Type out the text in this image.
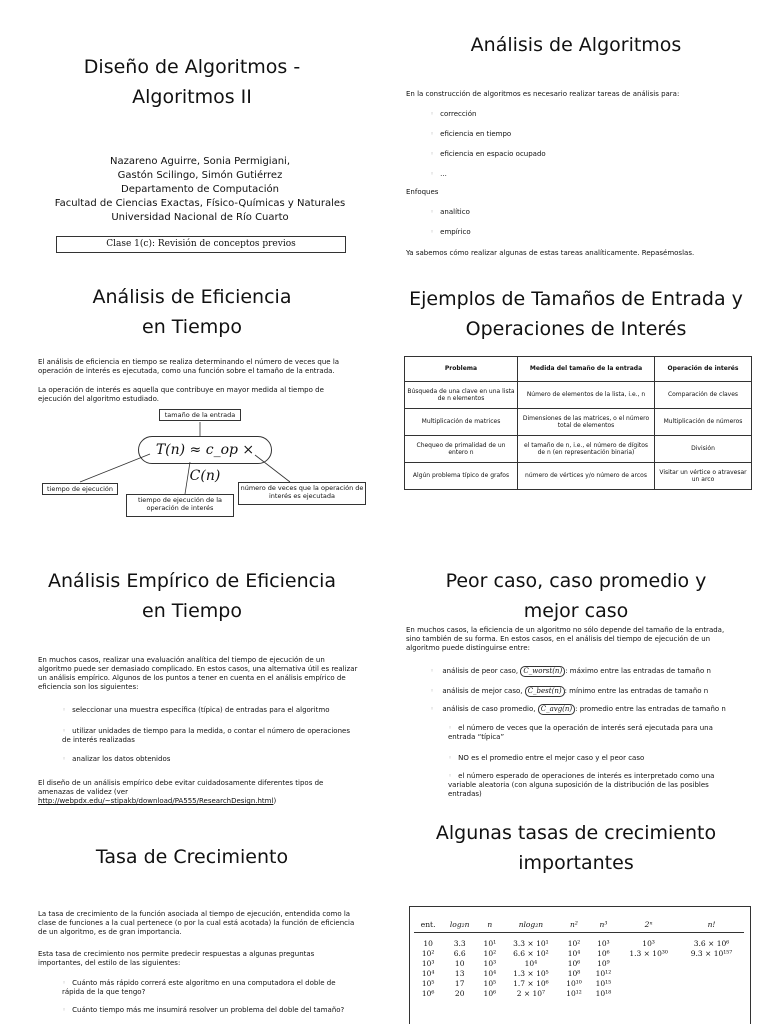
Diseño de Algoritmos -
Algoritmos II
Nazareno Aguirre, Sonia Permigiani,
Gastón Scilingo, Simón Gutiérrez
Departamento de Computación
Facultad de Ciencias Exactas, Físico-Químicas y Naturales
Universidad Nacional de Río Cuarto
Clase 1(c): Revisión de conceptos previos
Análisis de Algoritmos
En la construcción de algoritmos es necesario realizar tareas de análisis para:
◦ corrección
◦ eficiencia en tiempo
◦ eficiencia en espacio ocupado
◦ ...
Enfoques
◦ analítico
◦ empírico
Ya sabemos cómo realizar algunas de estas tareas analíticamente. Repasémoslas.
Análisis de Eficiencia
en Tiempo
El análisis de eficiencia en tiempo se realiza determinando el número de veces que la operación de interés es ejecutada, como una función sobre el tamaño de la entrada.
La operación de interés es aquella que contribuye en mayor medida al tiempo de ejecución del algoritmo estudiado.
tamaño de la entrada
T(n) ≈ c_op × C(n)
tiempo de ejecución
tiempo de ejecución de la operación de interés
número de veces que la operación de interés es ejecutada
Ejemplos de Tamaños de Entrada y
Operaciones de Interés
Problema	Medida del tamaño de la entrada	Operación de interés
Búsqueda de una clave en una lista de n elementos	Número de elementos de la lista, i.e., n	Comparación de claves
Multiplicación de matrices	Dimensiones de las matrices, o el número total de elementos	Multiplicación de números
Chequeo de primalidad de un entero n	el tamaño de n, i.e., el número de dígitos de n (en representación binaria)	División
Algún problema típico de grafos	número de vértices y/o número de arcos	Visitar un vértice o atravesar un arco
Análisis Empírico de Eficiencia
en Tiempo
En muchos casos, realizar una evaluación analítica del tiempo de ejecución de un algoritmo puede ser demasiado complicado. En estos casos, una alternativa útil es realizar un análisis empírico. Algunos de los puntos a tener en cuenta en el análisis empírico de eficiencia son los siguientes:
◦ seleccionar una muestra específica (típica) de entradas para el algoritmo
◦ utilizar unidades de tiempo para la medida, o contar el número de operaciones de interés realizadas
◦ analizar los datos obtenidos
El diseño de un análisis empírico debe evitar cuidadosamente diferentes tipos de amenazas de validez (ver http://webpdx.edu/~stipakb/download/PA555/ResearchDesign.html)
Peor caso, caso promedio y
mejor caso
En muchos casos, la eficiencia de un algoritmo no sólo depende del tamaño de la entrada, sino también de su forma. En estos casos, en el análisis del tiempo de ejecución de un algoritmo puede distinguirse entre:
◦ análisis de peor caso, C_worst(n) : máximo entre las entradas de tamaño n
◦ análisis de mejor caso, C_best(n) : mínimo entre las entradas de tamaño n
◦ análisis de caso promedio, C_avg(n) : promedio entre las entradas de tamaño n
◦ el número de veces que la operación de interés será ejecutada para una entrada “típica”
◦ NO es el promedio entre el mejor caso y el peor caso
◦ el número esperado de operaciones de interés es interpretado como una variable aleatoria (con alguna suposición de la distribución de las posibles entradas)
Tasa de Crecimiento
La tasa de crecimiento de la función asociada al tiempo de ejecución, entendida como la clase de funciones a la cual pertenece (o por la cual está acotada) la función de eficiencia de un algoritmo, es de gran importancia.
Esta tasa de crecimiento nos permite predecir respuestas a algunas preguntas importantes, del estilo de las siguientes:
◦ Cuánto más rápido correrá este algoritmo en una computadora el doble de rápida de la que tengo?
◦ Cuánto tiempo más me insumirá resolver un problema del doble del tamaño?
Algunas tasas de crecimiento
importantes
ent.	log₂n	n	nlog₂n	n²	n³	2ⁿ	n!
10	3.3	10¹	3.3 × 10¹	10²	10³	10³	3.6 × 10⁶
10²	6.6	10²	6.6 × 10²	10⁴	10⁶	1.3 × 10³⁰	9.3 × 10¹⁵⁷
10³	10	10³	10⁴	10⁶	10⁹		
10⁴	13	10⁴	1.3 × 10⁵	10⁸	10¹²		
10⁵	17	10⁵	1.7 × 10⁶	10¹⁰	10¹⁵		
10⁶	20	10⁶	2 × 10⁷	10¹²	10¹⁸		
